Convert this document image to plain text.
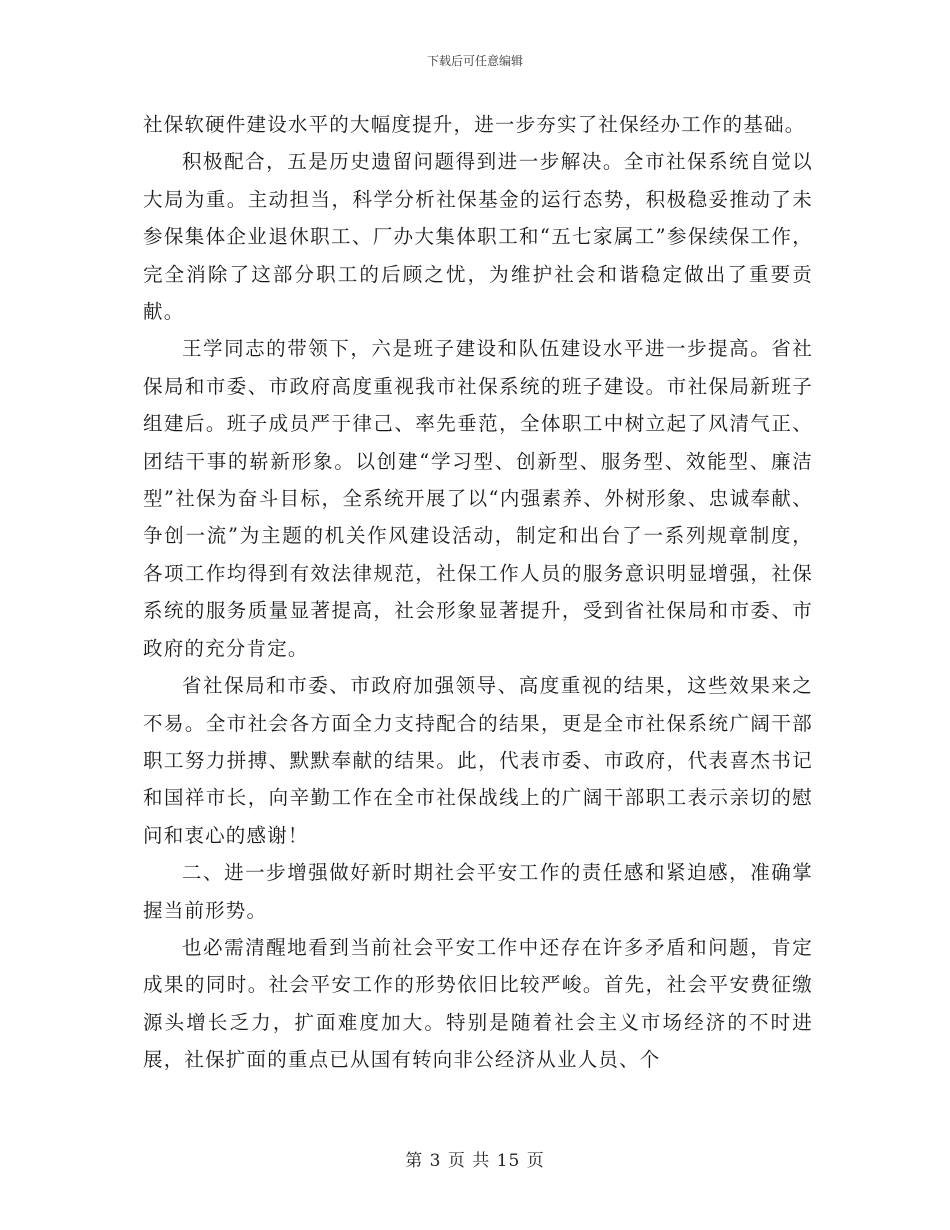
下载后可任意编辑

社保软硬件建设水平的大幅度提升，进一步夯实了社保经办工作的基础。

积极配合，五是历史遗留问题得到进一步解决。全市社保系统自觉以大局为重。主动担当，科学分析社保基金的运行态势，积极稳妥推动了未参保集体企业退休职工、厂办大集体职工和“五七家属工”参保续保工作，完全消除了这部分职工的后顾之忧，为维护社会和谐稳定做出了重要贡献。

王学同志的带领下，六是班子建设和队伍建设水平进一步提高。省社保局和市委、市政府高度重视我市社保系统的班子建设。市社保局新班子组建后。班子成员严于律己、率先垂范，全体职工中树立起了风清气正、团结干事的崭新形象。以创建“学习型、创新型、服务型、效能型、廉洁型”社保为奋斗目标，全系统开展了以“内强素养、外树形象、忠诚奉献、争创一流”为主题的机关作风建设活动，制定和出台了一系列规章制度，各项工作均得到有效法律规范，社保工作人员的服务意识明显增强，社保系统的服务质量显著提高，社会形象显著提升，受到省社保局和市委、市政府的充分肯定。

省社保局和市委、市政府加强领导、高度重视的结果，这些效果来之不易。全市社会各方面全力支持配合的结果，更是全市社保系统广阔干部职工努力拼搏、默默奉献的结果。此，代表市委、市政府，代表喜杰书记和国祥市长，向辛勤工作在全市社保战线上的广阔干部职工表示亲切的慰问和衷心的感谢！

二、进一步增强做好新时期社会平安工作的责任感和紧迫感，准确掌握当前形势。

也必需清醒地看到当前社会平安工作中还存在许多矛盾和问题，肯定成果的同时。社会平安工作的形势依旧比较严峻。首先，社会平安费征缴源头增长乏力，扩面难度加大。特别是随着社会主义市场经济的不时进展，社保扩面的重点已从国有转向非公经济从业人员、个

第 3 页 共 15 页
